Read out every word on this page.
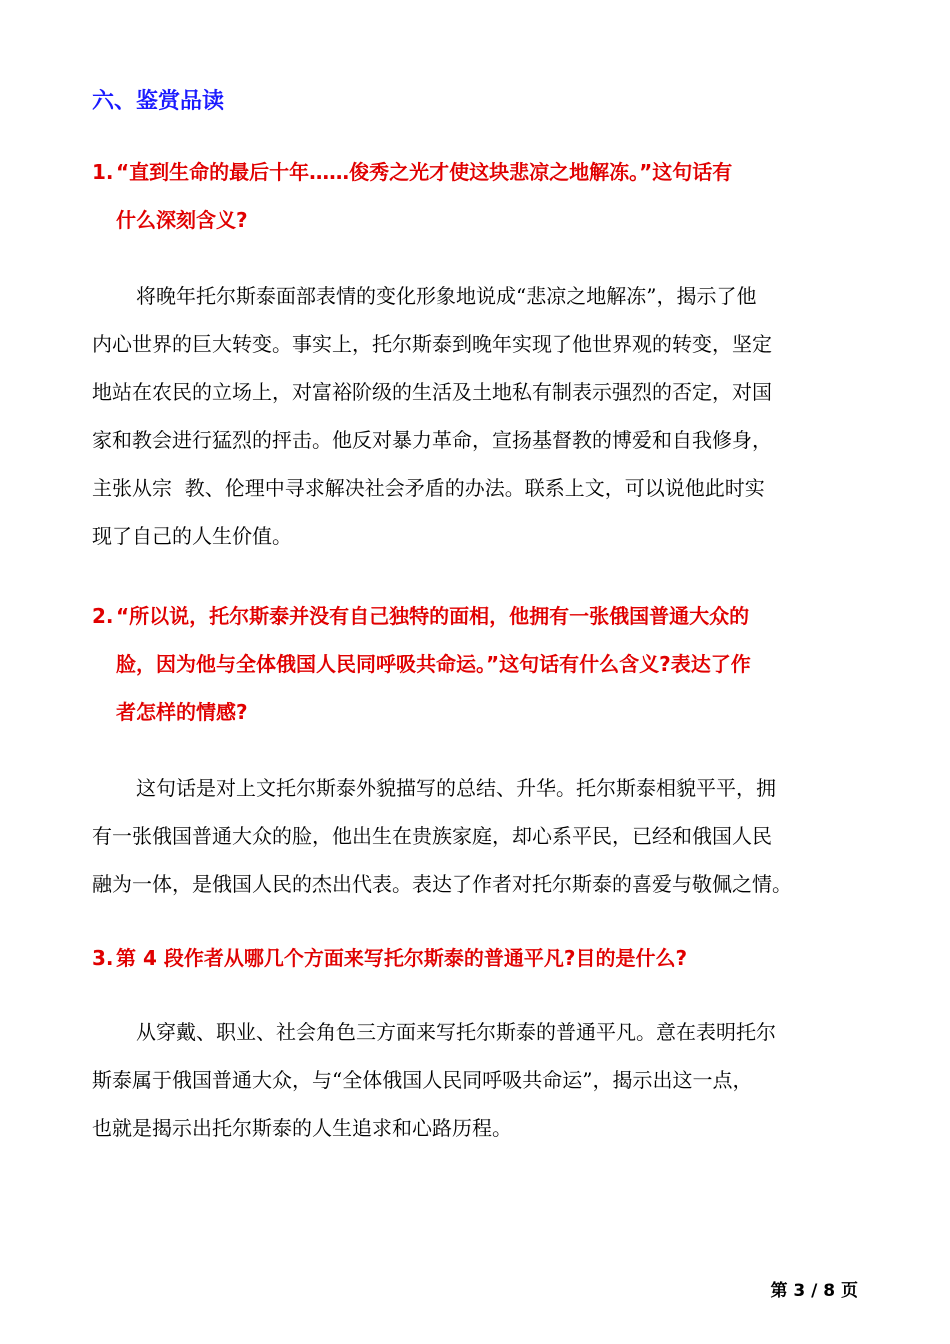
六、鉴赏品读
1. “直到生命的最后十年……俊秀之光才使这块悲凉之地解冻。”这句话有
什么深刻含义?
将晚年托尔斯泰面部表情的变化形象地说成“悲凉之地解冻”，揭示了他
内心世界的巨大转变。事实上，托尔斯泰到晚年实现了他世界观的转变，坚定
地站在农民的立场上，对富裕阶级的生活及土地私有制表示强烈的否定，对国
家和教会进行猛烈的抨击。他反对暴力革命，宣扬基督教的博爱和自我修身，
主张从宗  教、伦理中寻求解决社会矛盾的办法。联系上文，可以说他此时实
现了自己的人生价值。
2. “所以说，托尔斯泰并没有自己独特的面相，他拥有一张俄国普通大众的
脸，因为他与全体俄国人民同呼吸共命运。”这句话有什么含义?表达了作
者怎样的情感?
这句话是对上文托尔斯泰外貌描写的总结、升华。托尔斯泰相貌平平，拥
有一张俄国普通大众的脸，他出生在贵族家庭，却心系平民，已经和俄国人民
融为一体，是俄国人民的杰出代表。表达了作者对托尔斯泰的喜爱与敬佩之情。
3. 第 4 段作者从哪几个方面来写托尔斯泰的普通平凡?目的是什么?
从穿戴、职业、社会角色三方面来写托尔斯泰的普通平凡。意在表明托尔
斯泰属于俄国普通大众，与“全体俄国人民同呼吸共命运”，揭示出这一点，
也就是揭示出托尔斯泰的人生追求和心路历程。
第 3 / 8 页
